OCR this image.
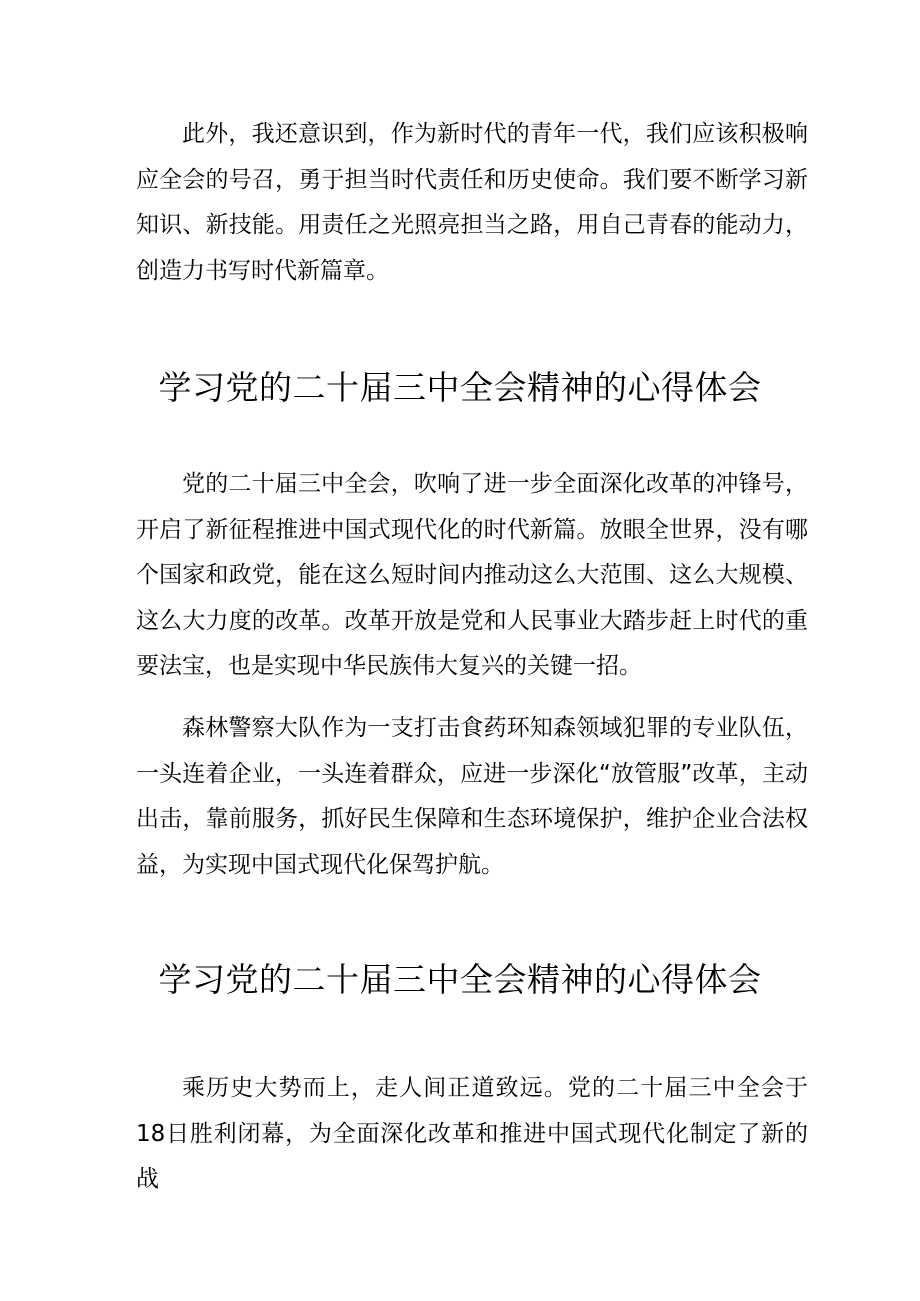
此外，我还意识到，作为新时代的青年一代，我们应该积极响应全会的号召，勇于担当时代责任和历史使命。我们要不断学习新知识、新技能。用责任之光照亮担当之路，用自己青春的能动力，创造力书写时代新篇章。

学习党的二十届三中全会精神的心得体会

党的二十届三中全会，吹响了进一步全面深化改革的冲锋号，开启了新征程推进中国式现代化的时代新篇。放眼全世界，没有哪个国家和政党，能在这么短时间内推动这么大范围、这么大规模、这么大力度的改革。改革开放是党和人民事业大踏步赶上时代的重要法宝，也是实现中华民族伟大复兴的关键一招。

森林警察大队作为一支打击食药环知森领域犯罪的专业队伍，一头连着企业，一头连着群众，应进一步深化“放管服”改革，主动出击，靠前服务，抓好民生保障和生态环境保护，维护企业合法权益，为实现中国式现代化保驾护航。

学习党的二十届三中全会精神的心得体会

乘历史大势而上，走人间正道致远。党的二十届三中全会于18日胜利闭幕，为全面深化改革和推进中国式现代化制定了新的战
